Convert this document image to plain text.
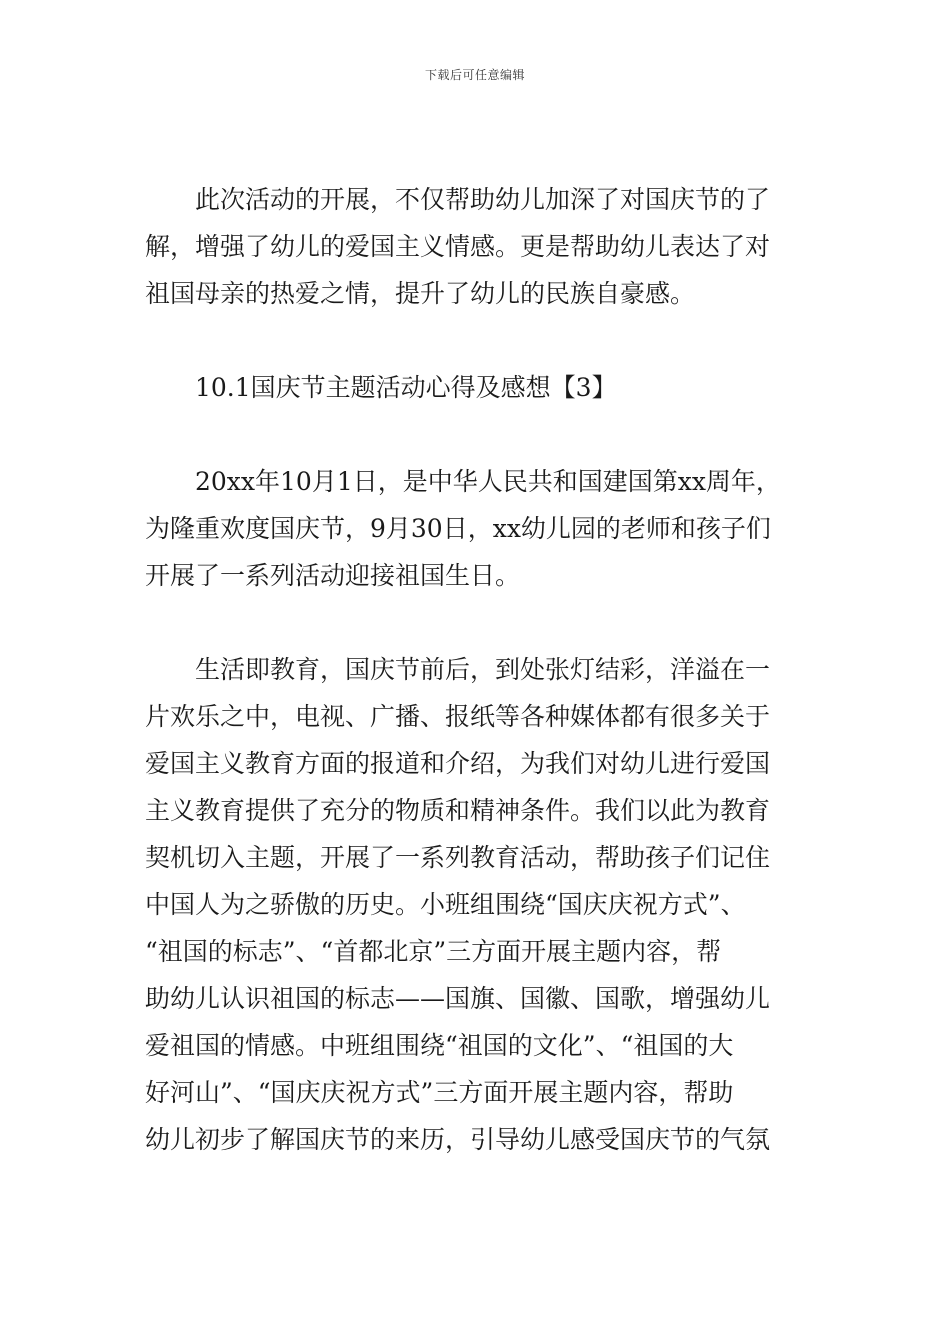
下载后可任意编辑

此次活动的开展，不仅帮助幼儿加深了对国庆节的了
解，增强了幼儿的爱国主义情感。更是帮助幼儿表达了对
祖国母亲的热爱之情，提升了幼儿的民族自豪感。

10.1国庆节主题活动心得及感想【3】

20xx年10月1日，是中华人民共和国建国第xx周年，
为隆重欢度国庆节，9月30日，xx幼儿园的老师和孩子们
开展了一系列活动迎接祖国生日。

生活即教育，国庆节前后，到处张灯结彩，洋溢在一
片欢乐之中，电视、广播、报纸等各种媒体都有很多关于
爱国主义教育方面的报道和介绍，为我们对幼儿进行爱国
主义教育提供了充分的物质和精神条件。我们以此为教育
契机切入主题，开展了一系列教育活动，帮助孩子们记住
中国人为之骄傲的历史。小班组围绕“国庆庆祝方式”、
“祖国的标志”、“首都北京”三方面开展主题内容，帮
助幼儿认识祖国的标志——国旗、国徽、国歌，增强幼儿
爱祖国的情感。中班组围绕“祖国的文化”、“祖国的大
好河山”、“国庆庆祝方式”三方面开展主题内容，帮助
幼儿初步了解国庆节的来历，引导幼儿感受国庆节的气氛
